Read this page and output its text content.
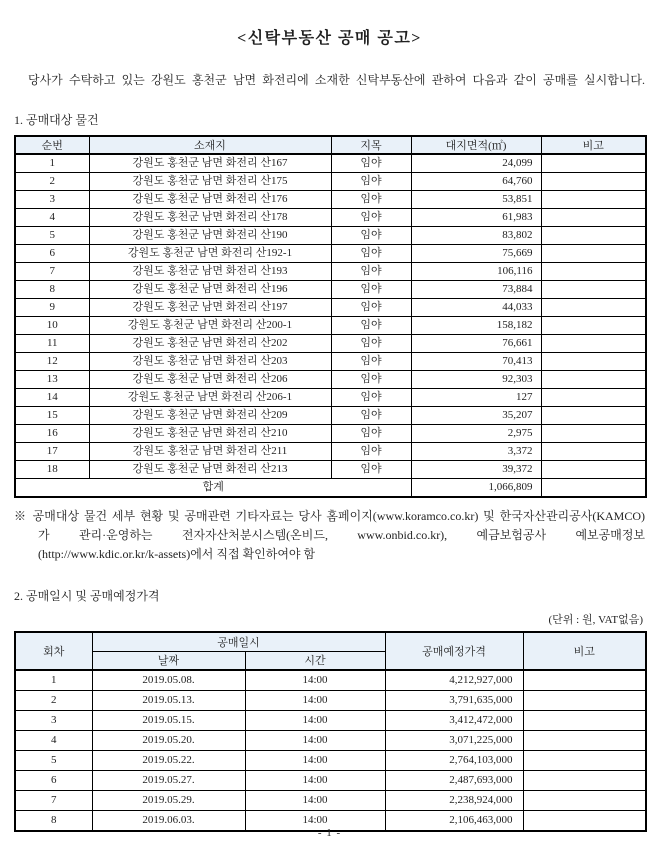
<신탁부동산 공매 공고>
당사가 수탁하고 있는 강원도 홍천군 남면 화전리에 소재한 신탁부동산에 관하여 다음과 같이 공매를 실시합니다.
1. 공매대상 물건
순번	소재지	지목	대지면적(㎡)	비고
1	강원도 홍천군 남면 화전리 산167	임야	24,099	
2	강원도 홍천군 남면 화전리 산175	임야	64,760	
3	강원도 홍천군 남면 화전리 산176	임야	53,851	
4	강원도 홍천군 남면 화전리 산178	임야	61,983	
5	강원도 홍천군 남면 화전리 산190	임야	83,802	
6	강원도 홍천군 남면 화전리 산192-1	임야	75,669	
7	강원도 홍천군 남면 화전리 산193	임야	106,116	
8	강원도 홍천군 남면 화전리 산196	임야	73,884	
9	강원도 홍천군 남면 화전리 산197	임야	44,033	
10	강원도 홍천군 남면 화전리 산200-1	임야	158,182	
11	강원도 홍천군 남면 화전리 산202	임야	76,661	
12	강원도 홍천군 남면 화전리 산203	임야	70,413	
13	강원도 홍천군 남면 화전리 산206	임야	92,303	
14	강원도 홍천군 남면 화전리 산206-1	임야	127	
15	강원도 홍천군 남면 화전리 산209	임야	35,207	
16	강원도 홍천군 남면 화전리 산210	임야	2,975	
17	강원도 홍천군 남면 화전리 산211	임야	3,372	
18	강원도 홍천군 남면 화전리 산213	임야	39,372	
합계			1,066,809	
※ 공매대상 물건 세부 현황 및 공매관련 기타자료는 당사 홈페이지(www.koramco.co.kr) 및 한국자산관리공사(KAMCO)
가 관리·운영하는 전자자산처분시스템(온비드, www.onbid.co.kr), 예금보험공사 예보공매정보
(http://www.kdic.or.kr/k-assets)에서 직접 확인하여야 함
2. 공매일시 및 공매예정가격
(단위 : 원, VAT없음)
회차	공매일시		공매예정가격	비고
	날짜	시간		
1	2019.05.08.	14:00	4,212,927,000	
2	2019.05.13.	14:00	3,791,635,000	
3	2019.05.15.	14:00	3,412,472,000	
4	2019.05.20.	14:00	3,071,225,000	
5	2019.05.22.	14:00	2,764,103,000	
6	2019.05.27.	14:00	2,487,693,000	
7	2019.05.29.	14:00	2,238,924,000	
8	2019.06.03.	14:00	2,106,463,000	
- 1 -
